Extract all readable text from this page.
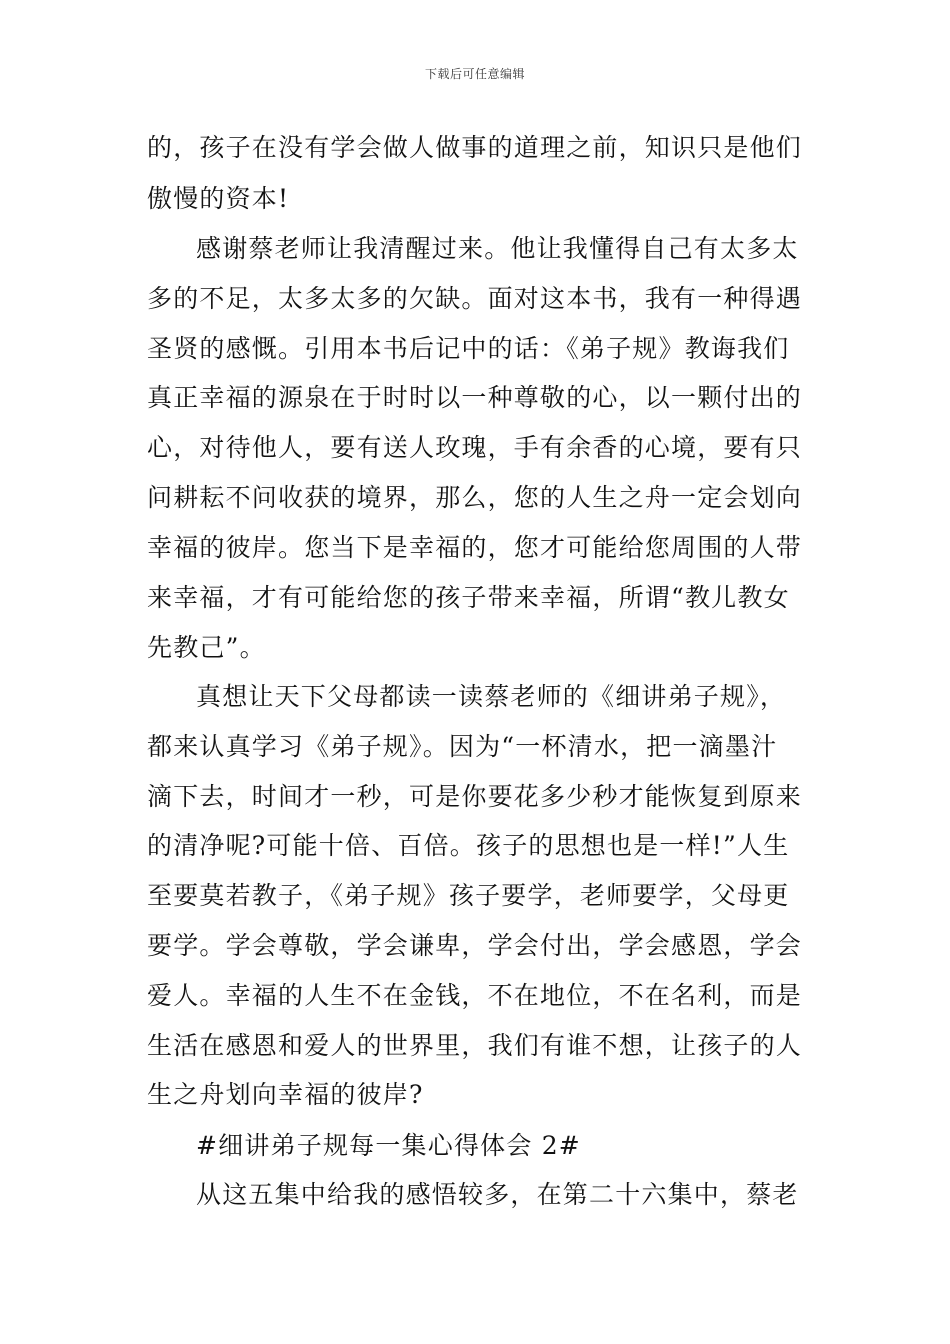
下载后可任意编辑
的，孩子在没有学会做人做事的道理之前，知识只是他们
傲慢的资本!
感谢蔡老师让我清醒过来。他让我懂得自己有太多太
多的不足，太多太多的欠缺。面对这本书，我有一种得遇
圣贤的感慨。引用本书后记中的话：《弟子规》教诲我们
真正幸福的源泉在于时时以一种尊敬的心，以一颗付出的
心，对待他人，要有送人玫瑰，手有余香的心境，要有只
问耕耘不问收获的境界，那么，您的人生之舟一定会划向
幸福的彼岸。您当下是幸福的，您才可能给您周围的人带
来幸福，才有可能给您的孩子带来幸福，所谓“教儿教女
先教己”。
真想让天下父母都读一读蔡老师的《细讲弟子规》，
都来认真学习《弟子规》。因为“一杯清水，把一滴墨汁
滴下去，时间才一秒，可是你要花多少秒才能恢复到原来
的清净呢?可能十倍、百倍。孩子的思想也是一样!”人生
至要莫若教子，《弟子规》孩子要学，老师要学，父母更
要学。学会尊敬，学会谦卑，学会付出，学会感恩，学会
爱人。幸福的人生不在金钱，不在地位，不在名利，而是
生活在感恩和爱人的世界里，我们有谁不想，让孩子的人
生之舟划向幸福的彼岸?
#细讲弟子规每一集心得体会 2#
从这五集中给我的感悟较多，在第二十六集中，蔡老
